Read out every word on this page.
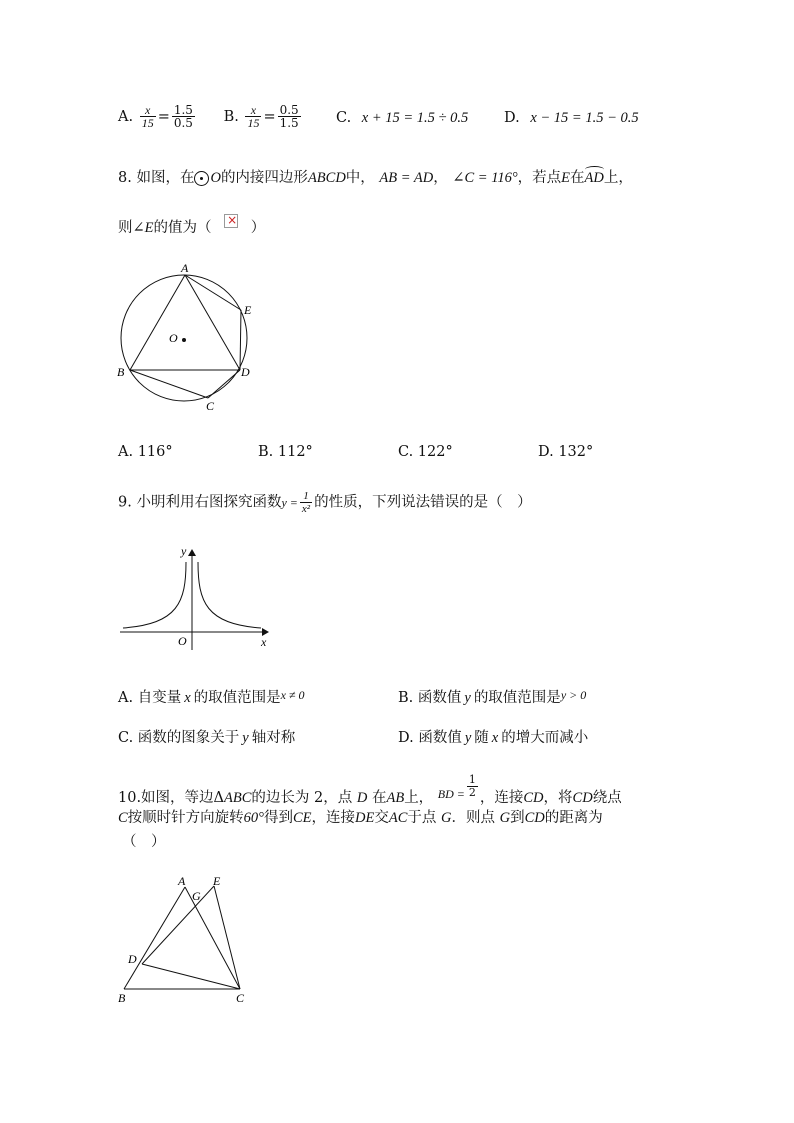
A. $\frac{x}{15} = \frac{1.5}{0.5} B$. $\frac{x}{15} = \frac{0.5}{1.5} C$. x + 15 = 1.5 ÷ 0.5 D. x − 15 = 1.5 − 0.5
8. 如图，在 O的内接四边形ABCD中， AB = AD， ∠C = 116°，若点E在AD上，
则∠E的值为（ ×	）
A
B
C
D
E
O
A. 116°	B. 112°	C. 122°	D. 132°
9. 小明利用右图探究函数$y = \frac{1}{\text{x²}}$ 的性质，下列说法错误的是（　）
y
x
O
A. 自变量 x 的取值范围是$^{x \ne 0}$	B. 函数值 y 的取值范围是$^{y > 0}$
C. 函数的图象关于 y 轴对称	D. 函数值 y 随 x 的增大而减小
10.如图，等边ΔABC的边长为 2，点 D 在AB上， $^{BD =} \frac{1}{2}$ ，连接CD，将CD绕点
C按顺时针方向旋转60°得到CE，连接DE交AC于点 G．则点 G到CD的距离为
（　）
A
G
E
D
B	C
